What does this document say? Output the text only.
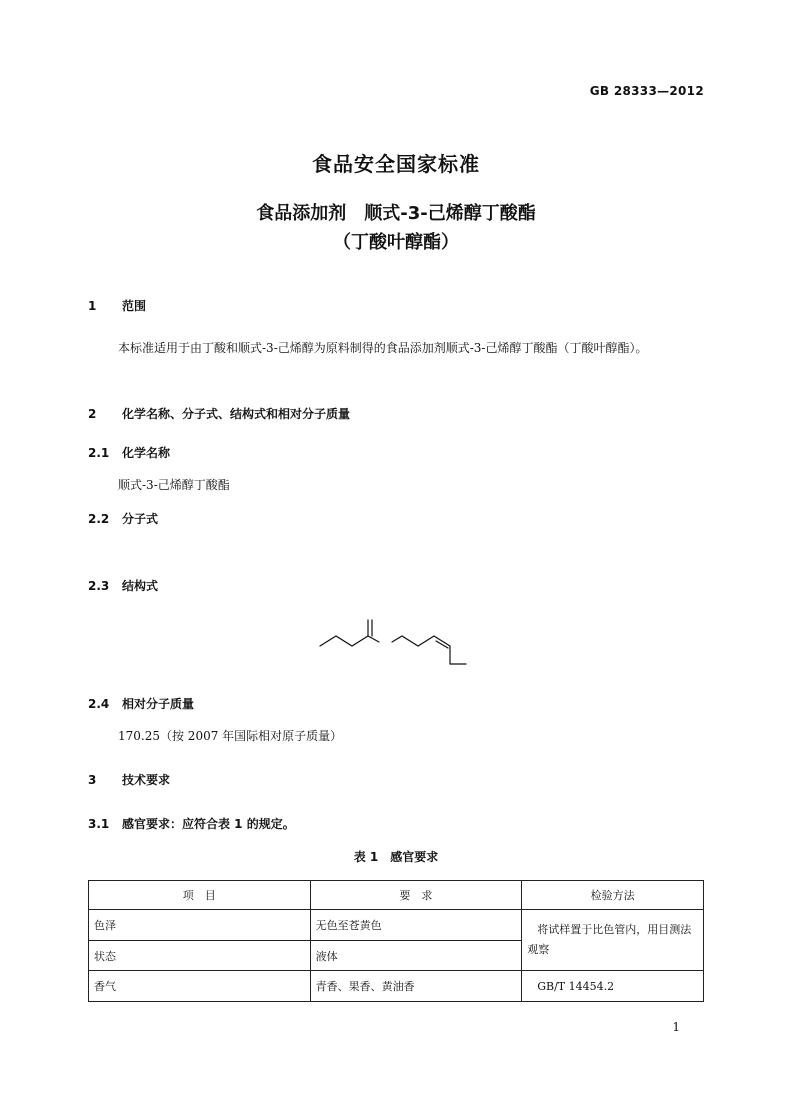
GB 28333—2012
食品安全国家标准
食品添加剂　顺式-3-己烯醇丁酸酯
（丁酸叶醇酯）
1 范围
本标准适用于由丁酸和顺式-3-己烯醇为原料制得的食品添加剂顺式-3-己烯醇丁酸酯（丁酸叶醇酯）。
2 化学名称、分子式、结构式和相对分子质量
2.1 化学名称
顺式-3-己烯醇丁酸酯
2.2 分子式

2.3 结构式
2.4 相对分子质量
170.25（按 2007 年国际相对原子质量）
3 技术要求
3.1 感官要求：应符合表 1 的规定。
表 1　感官要求
项　目	要　求	检验方法
色泽	无色至苍黄色	将试样置于比色管内，用目测法观察
状态	液体	
香气	青香、果香、黄油香	GB/T 14454.2
1
